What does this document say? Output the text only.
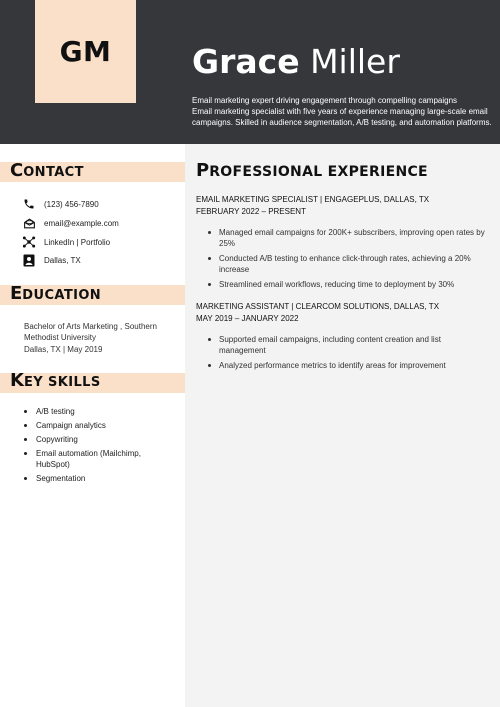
GM Grace Miller
Email marketing expert driving engagement through compelling campaigns
Email marketing specialist with five years of experience managing large-scale email campaigns. Skilled in audience segmentation, A/B testing, and automation platforms.
CONTACT
(123) 456-7890
email@example.com
LinkedIn | Portfolio
Dallas, TX
EDUCATION
Bachelor of Arts Marketing , Southern Methodist University
Dallas, TX | May 2019
KEY SKILLS
A/B testing
Campaign analytics
Copywriting
Email automation (Mailchimp, HubSpot)
Segmentation
PROFESSIONAL EXPERIENCE
EMAIL MARKETING SPECIALIST | ENGAGEPLUS, DALLAS, TX
FEBRUARY 2022 – PRESENT
Managed email campaigns for 200K+ subscribers, improving open rates by 25%
Conducted A/B testing to enhance click-through rates, achieving a 20% increase
Streamlined email workflows, reducing time to deployment by 30%
MARKETING ASSISTANT | CLEARCOM SOLUTIONS, DALLAS, TX
MAY 2019 – JANUARY 2022
Supported email campaigns, including content creation and list management
Analyzed performance metrics to identify areas for improvement
